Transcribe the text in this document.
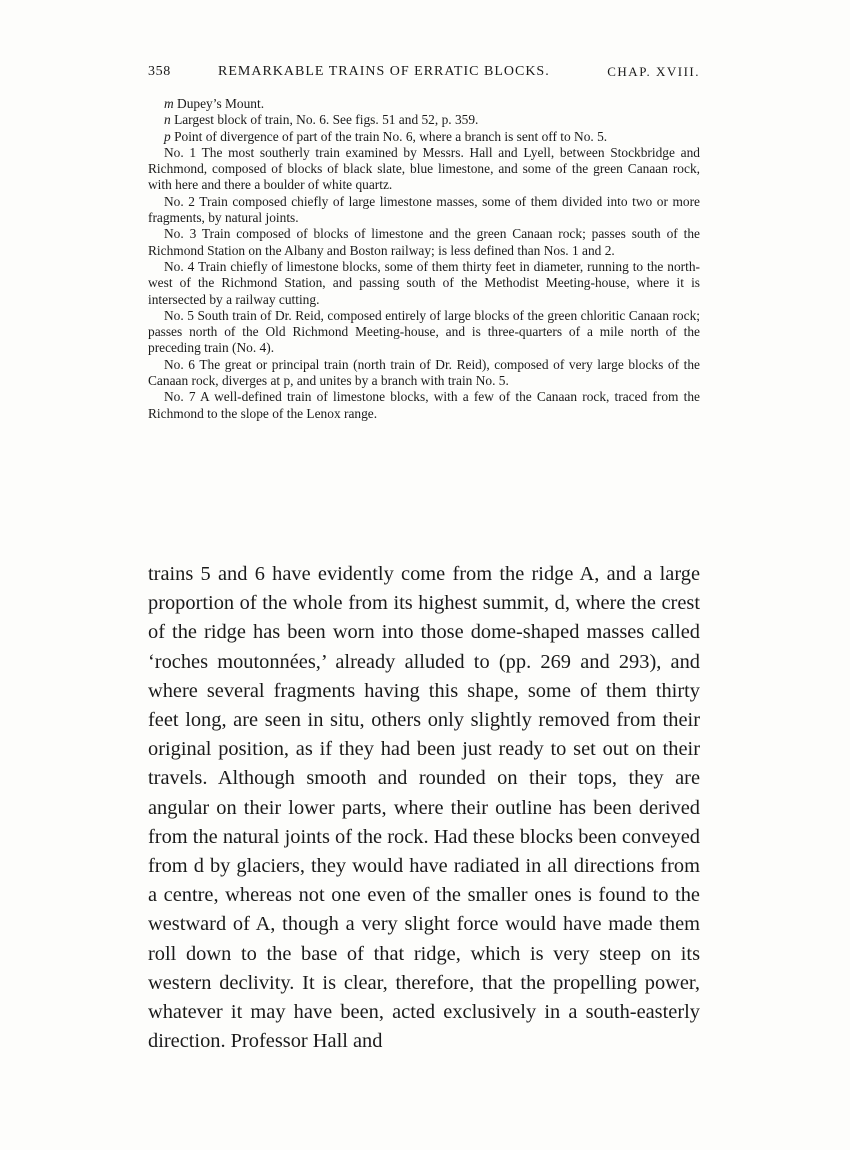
358	REMARKABLE TRAINS OF ERRATIC BLOCKS.	CHAP. XVIII.

m Dupey’s Mount.

n Largest block of train, No. 6. See figs. 51 and 52, p. 359.

p Point of divergence of part of the train No. 6, where a branch is sent off to No. 5.

No. 1 The most southerly train examined by Messrs. Hall and Lyell, between Stockbridge and Richmond, composed of blocks of black slate, blue limestone, and some of the green Canaan rock, with here and there a boulder of white quartz.

No. 2 Train composed chiefly of large limestone masses, some of them divided into two or more fragments, by natural joints.

No. 3 Train composed of blocks of limestone and the green Canaan rock; passes south of the Richmond Station on the Albany and Boston railway; is less defined than Nos. 1 and 2.

No. 4 Train chiefly of limestone blocks, some of them thirty feet in diameter, running to the north-west of the Richmond Station, and passing south of the Methodist Meeting-house, where it is intersected by a railway cutting.

No. 5 South train of Dr. Reid, composed entirely of large blocks of the green chloritic Canaan rock; passes north of the Old Richmond Meeting-house, and is three-quarters of a mile north of the preceding train (No. 4).

No. 6 The great or principal train (north train of Dr. Reid), composed of very large blocks of the Canaan rock, diverges at p, and unites by a branch with train No. 5.

No. 7 A well-defined train of limestone blocks, with a few of the Canaan rock, traced from the Richmond to the slope of the Lenox range.

trains 5 and 6 have evidently come from the ridge A, and a large proportion of the whole from its highest summit, d, where the crest of the ridge has been worn into those dome-shaped masses called ‘roches moutonnées,’ already alluded to (pp. 269 and 293), and where several fragments having this shape, some of them thirty feet long, are seen in situ, others only slightly removed from their original position, as if they had been just ready to set out on their travels. Although smooth and rounded on their tops, they are angular on their lower parts, where their outline has been derived from the natural joints of the rock. Had these blocks been conveyed from d by glaciers, they would have radiated in all directions from a centre, whereas not one even of the smaller ones is found to the westward of A, though a very slight force would have made them roll down to the base of that ridge, which is very steep on its western declivity. It is clear, therefore, that the propelling power, whatever it may have been, acted exclusively in a south-easterly direction. Professor Hall and
